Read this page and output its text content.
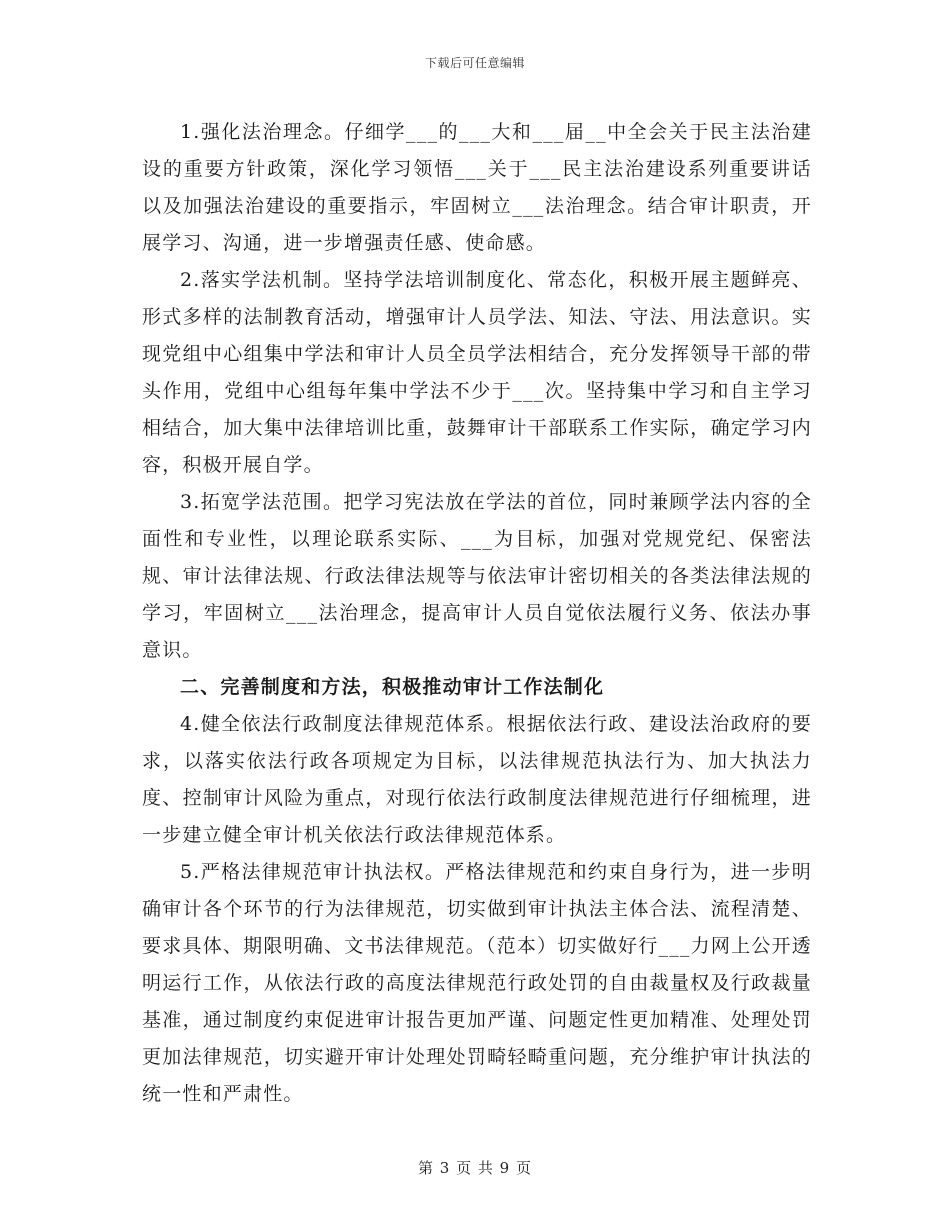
下载后可任意编辑

1.强化法治理念。仔细学___的___大和___届__中全会关于民主法治建设的重要方针政策，深化学习领悟___关于___民主法治建设系列重要讲话以及加强法治建设的重要指示，牢固树立___法治理念。结合审计职责，开展学习、沟通，进一步增强责任感、使命感。

2.落实学法机制。坚持学法培训制度化、常态化，积极开展主题鲜亮、形式多样的法制教育活动，增强审计人员学法、知法、守法、用法意识。实现党组中心组集中学法和审计人员全员学法相结合，充分发挥领导干部的带头作用，党组中心组每年集中学法不少于___次。坚持集中学习和自主学习相结合，加大集中法律培训比重，鼓舞审计干部联系工作实际，确定学习内容，积极开展自学。

3.拓宽学法范围。把学习宪法放在学法的首位，同时兼顾学法内容的全面性和专业性，以理论联系实际、___为目标，加强对党规党纪、保密法规、审计法律法规、行政法律法规等与依法审计密切相关的各类法律法规的学习，牢固树立___法治理念，提高审计人员自觉依法履行义务、依法办事意识。

二、完善制度和方法，积极推动审计工作法制化

4.健全依法行政制度法律规范体系。根据依法行政、建设法治政府的要求，以落实依法行政各项规定为目标，以法律规范执法行为、加大执法力度、控制审计风险为重点，对现行依法行政制度法律规范进行仔细梳理，进一步建立健全审计机关依法行政法律规范体系。

5.严格法律规范审计执法权。严格法律规范和约束自身行为，进一步明确审计各个环节的行为法律规范，切实做到审计执法主体合法、流程清楚、要求具体、期限明确、文书法律规范。（范本）切实做好行___力网上公开透明运行工作，从依法行政的高度法律规范行政处罚的自由裁量权及行政裁量基准，通过制度约束促进审计报告更加严谨、问题定性更加精准、处理处罚更加法律规范，切实避开审计处理处罚畸轻畸重问题，充分维护审计执法的统一性和严肃性。

第 3 页 共 9 页
